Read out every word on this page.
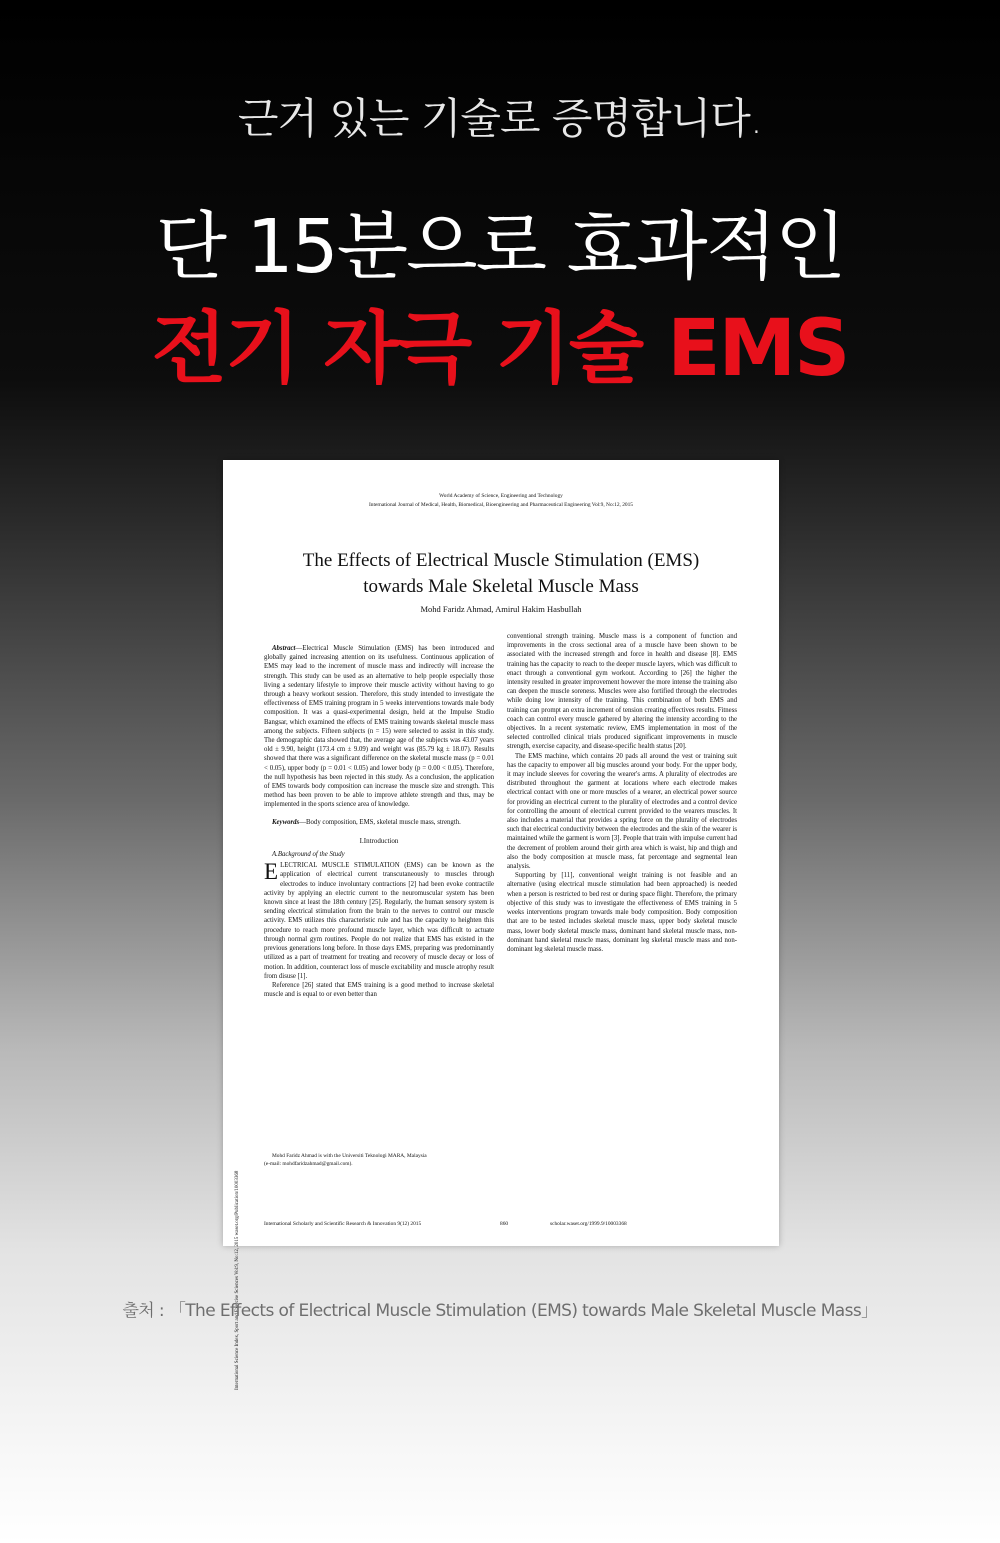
근거 있는 기술로 증명합니다.
단 15분으로 효과적인
전기 자극 기술 EMS
World Academy of Science, Engineering and Technology
International Journal of Medical, Health, Biomedical, Bioengineering and Pharmaceutical Engineering Vol:9, No:12, 2015
The Effects of Electrical Muscle Stimulation (EMS)
towards Male Skeletal Muscle Mass
Mohd Faridz Ahmad, Amirul Hakim Hasbullah
International Science Index, Sport and Exercise Sciences Vol:9, No:12, 2015 waset.org/Publication/10003368

Abstract—Electrical Muscle Stimulation (EMS) has been introduced and globally gained increasing attention on its usefulness. Continuous application of EMS may lead to the increment of muscle mass and indirectly will increase the strength. This study can be used as an alternative to help people especially those living a sedentary lifestyle to improve their muscle activity without having to go through a heavy workout session. Therefore, this study intended to investigate the effectiveness of EMS training program in 5 weeks interventions towards male body composition. It was a quasi-experimental design, held at the Impulse Studio Bangsar, which examined the effects of EMS training towards skeletal muscle mass among the subjects. Fifteen subjects (n = 15) were selected to assist in this study. The demographic data showed that, the average age of the subjects was 43.07 years old ± 9.90, height (173.4 cm ± 9.09) and weight was (85.79 kg ± 18.07). Results showed that there was a significant difference on the skeletal muscle mass (p = 0.01 < 0.05), upper body (p = 0.01 < 0.05) and lower body (p = 0.00 < 0.05). Therefore, the null hypothesis has been rejected in this study. As a conclusion, the application of EMS towards body composition can increase the muscle size and strength. This method has been proven to be able to improve athlete strength and thus, may be implemented in the sports science area of knowledge.

Keywords—Body composition, EMS, skeletal muscle mass, strength.

I.Introduction

A.Background of the Study

ELECTRICAL MUSCLE STIMULATION (EMS) can be known as the application of electrical current transcutaneously to muscles through electrodes to induce involuntary contractions [2] had been evoke contractile activity by applying an electric current to the neuromuscular system has been known since at least the 18th century [25]. Regularly, the human sensory system is sending electrical stimulation from the brain to the nerves to control our muscle activity. EMS utilizes this characteristic rule and has the capacity to heighten this procedure to reach more profound muscle layer, which was difficult to actuate through normal gym routines. People do not realize that EMS has existed in the previous generations long before. In those days EMS, preparing was predominantly utilized as a part of treatment for treating and recovery of muscle decay or loss of motion. In addition, counteract loss of muscle excitability and muscle atrophy result from disuse [1].

Reference [26] stated that EMS training is a good method to increase skeletal muscle and is equal to or even better than

conventional strength training. Muscle mass is a component of function and improvements in the cross sectional area of a muscle have been shown to be associated with the increased strength and force in health and disease [8]. EMS training has the capacity to reach to the deeper muscle layers, which was difficult to enact through a conventional gym workout. According to [26] the higher the intensity resulted in greater improvement however the more intense the training also can deepen the muscle soreness. Muscles were also fortified through the electrodes while doing low intensity of the training. This combination of both EMS and training can prompt an extra increment of tension creating effectives results. Fitness coach can control every muscle gathered by altering the intensity according to the objectives. In a recent systematic review, EMS implementation in most of the selected controlled clinical trials produced significant improvements in muscle strength, exercise capacity, and disease-specific health status [20].

The EMS machine, which contains 20 pads all around the vest or training suit has the capacity to empower all big muscles around your body. For the upper body, it may include sleeves for covering the wearer's arms. A plurality of electrodes are distributed throughout the garment at locations where each electrode makes electrical contact with one or more muscles of a wearer, an electrical power source for providing an electrical current to the plurality of electrodes and a control device for controlling the amount of electrical current provided to the wearers muscles. It also includes a material that provides a spring force on the plurality of electrodes such that electrical conductivity between the electrodes and the skin of the wearer is maintained while the garment is worn [3]. People that train with impulse current had the decrement of problem around their girth area which is waist, hip and thigh and also the body composition at muscle mass, fat percentage and segmental lean analysis.

Supporting by [11], conventional weight training is not feasible and an alternative (using electrical muscle stimulation had been approached) is needed when a person is restricted to bed rest or during space flight. Therefore, the primary objective of this study was to investigate the effectiveness of EMS training in 5 weeks interventions program towards male body composition. Body composition that are to be tested includes skeletal muscle mass, upper body skeletal muscle mass, lower body skeletal muscle mass, dominant hand skeletal muscle mass, non-dominant hand skeletal muscle mass, dominant leg skeletal muscle mass and non-dominant leg skeletal muscle mass.

Mohd Faridz Ahmad is with the Universiti Teknologi MARA, Malaysia
(e-mail: mohdfaridzahmad@gmail.com).
International Scholarly and Scientific Research & Innovation 9(12) 2015	860	scholar.waset.org/1999.9/10003368
출처 : 「The Effects of Electrical Muscle Stimulation (EMS) towards Male Skeletal Muscle Mass」
